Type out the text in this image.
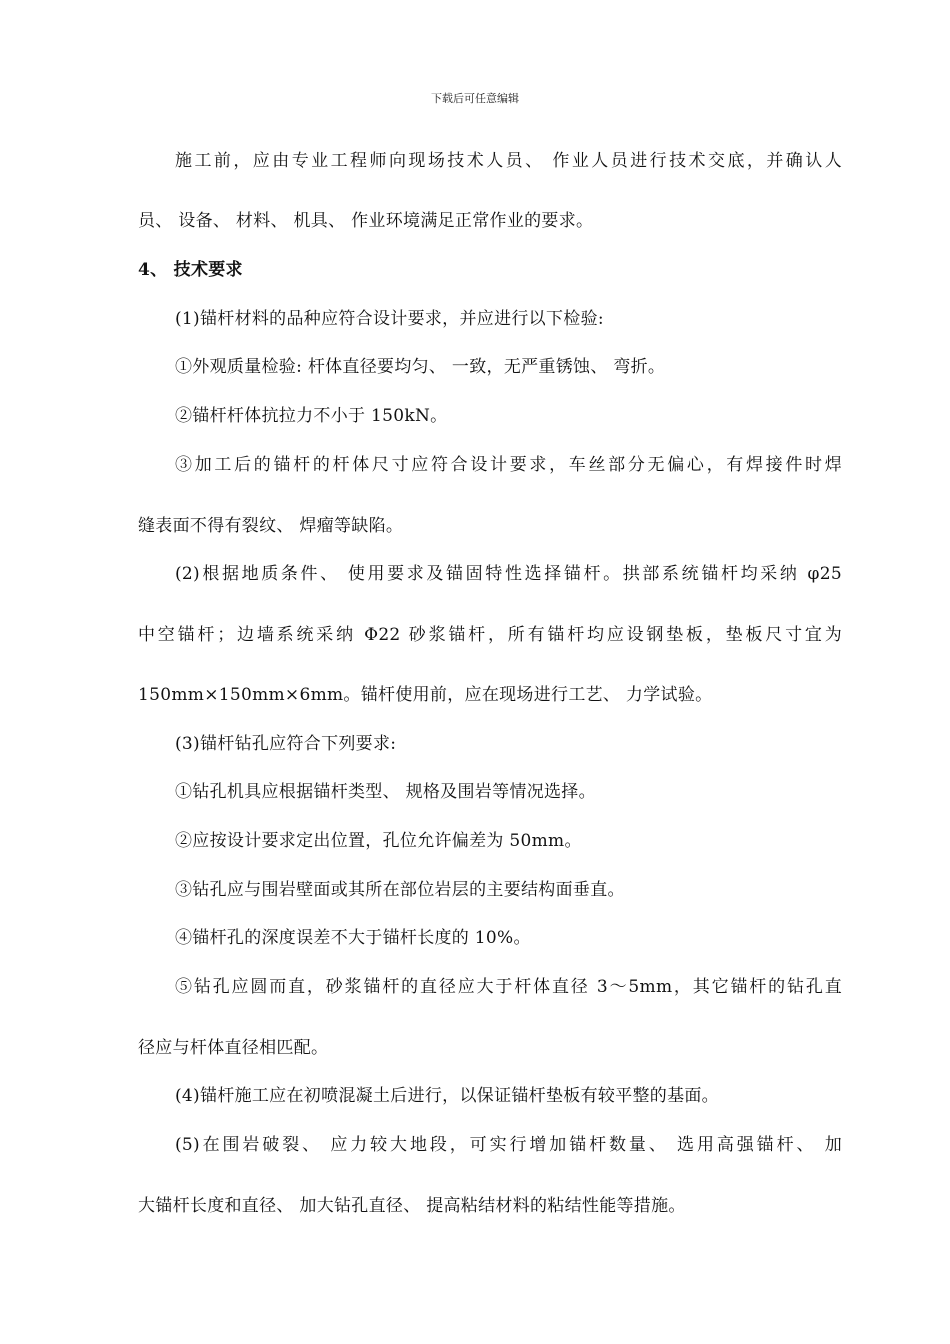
下载后可任意编辑
施工前，应由专业工程师向现场技术人员、 作业人员进行技术交底，并确认人
员、 设备、 材料、 机具、 作业环境满足正常作业的要求。
4、 技术要求
(1)锚杆材料的品种应符合设计要求，并应进行以下检验:
①外观质量检验: 杆体直径要均匀、 一致，无严重锈蚀、 弯折。
②锚杆杆体抗拉力不小于 150kN。
③加工后的锚杆的杆体尺寸应符合设计要求，车丝部分无偏心，有焊接件时焊
缝表面不得有裂纹、 焊瘤等缺陷。
(2)根据地质条件、 使用要求及锚固特性选择锚杆。拱部系统锚杆均采纳 φ25
中空锚杆；边墙系统采纳 Φ22 砂浆锚杆，所有锚杆均应设钢垫板，垫板尺寸宜为
150mm×150mm×6mm。锚杆使用前，应在现场进行工艺、 力学试验。
(3)锚杆钻孔应符合下列要求:
①钻孔机具应根据锚杆类型、 规格及围岩等情况选择。
②应按设计要求定出位置，孔位允许偏差为 50mm。
③钻孔应与围岩壁面或其所在部位岩层的主要结构面垂直。
④锚杆孔的深度误差不大于锚杆长度的 10%。
⑤钻孔应圆而直，砂浆锚杆的直径应大于杆体直径 3～5mm，其它锚杆的钻孔直
径应与杆体直径相匹配。
(4)锚杆施工应在初喷混凝土后进行，以保证锚杆垫板有较平整的基面。
(5)在围岩破裂、 应力较大地段，可实行增加锚杆数量、 选用高强锚杆、 加
大锚杆长度和直径、 加大钻孔直径、 提高粘结材料的粘结性能等措施。
